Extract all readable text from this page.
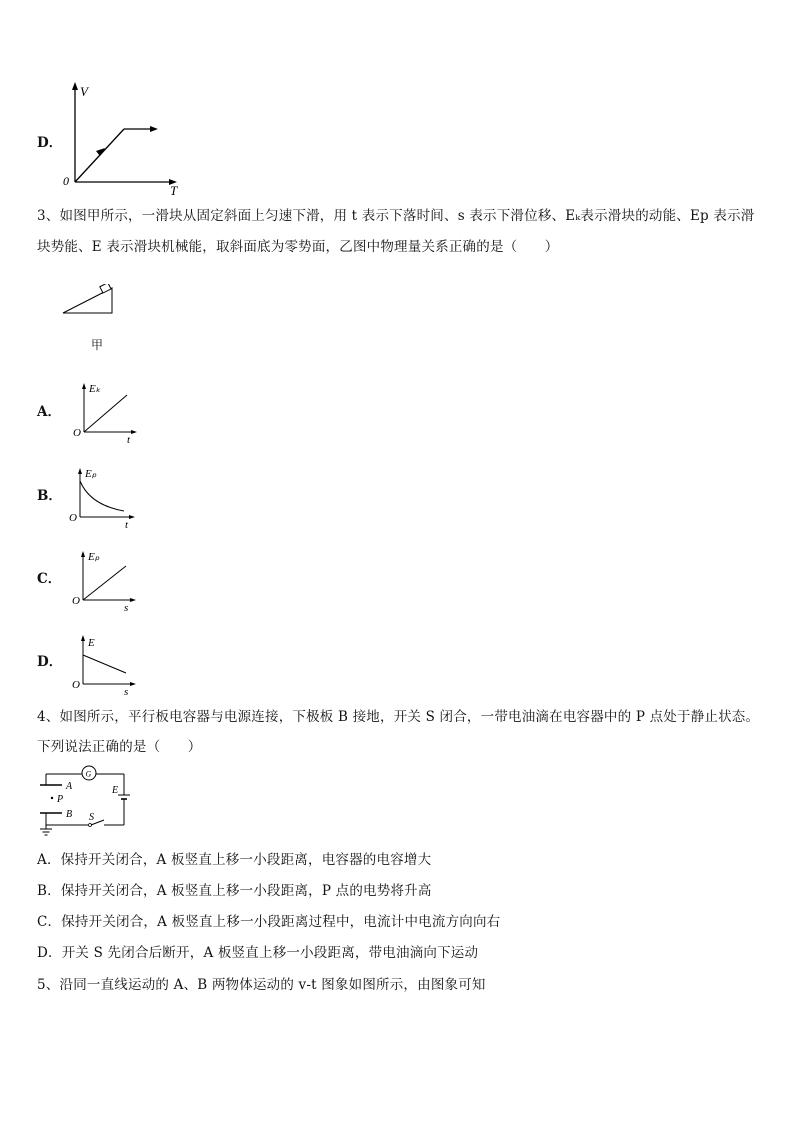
D．
V
T
0
3、如图甲所示，一滑块从固定斜面上匀速下滑，用 t 表示下落时间、s 表示下滑位移、Eₖ表示滑块的动能、Ep 表示滑
块势能、E 表示滑块机械能，取斜面底为零势面，乙图中物理量关系正确的是（　　）
甲
A．
Eₖ
t
O
B．
Eₚ
t
O
C．
Eₚ
s
O
D．
E
s
O
4、如图所示，平行板电容器与电源连接，下极板 B 接地，开关 S 闭合，一带电油滴在电容器中的 P 点处于静止状态。
下列说法正确的是（　　）
G
A
P
B S
E
A．保持开关闭合，A 板竖直上移一小段距离，电容器的电容增大
B．保持开关闭合，A 板竖直上移一小段距离，P 点的电势将升高
C．保持开关闭合，A 板竖直上移一小段距离过程中，电流计中电流方向向右
D．开关 S 先闭合后断开，A 板竖直上移一小段距离，带电油滴向下运动
5、沿同一直线运动的 A、B 两物体运动的 v-t 图象如图所示，由图象可知
